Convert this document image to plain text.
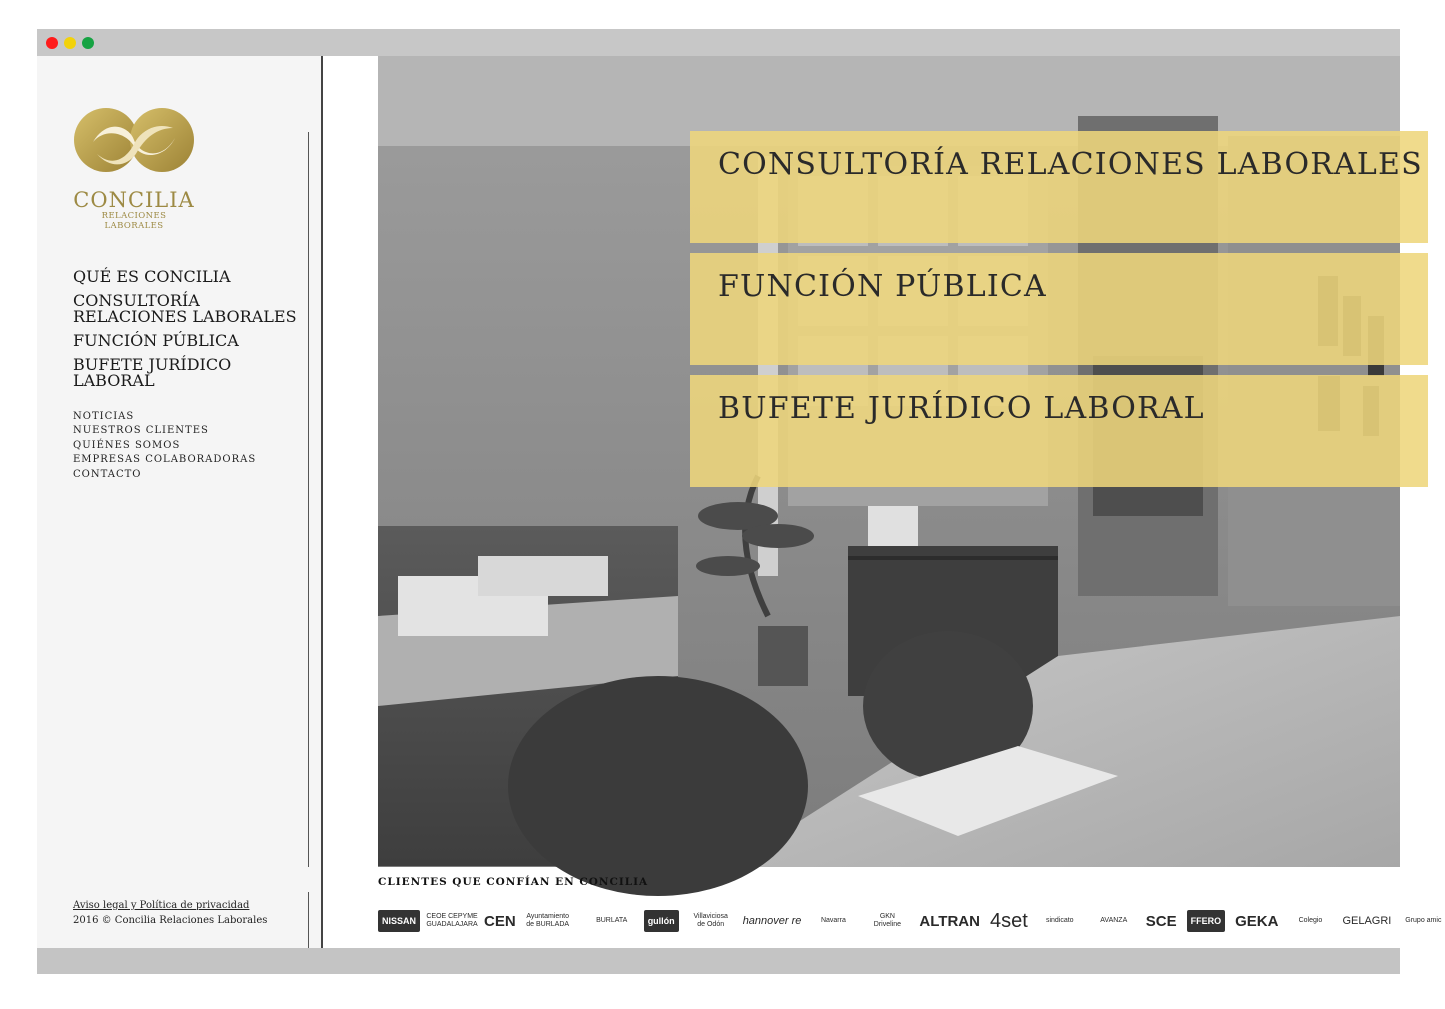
CONCILIA
RELACIONES LABORALES
QUÉ ES CONCILIA
CONSULTORÍA RELACIONES LABORALES
FUNCIÓN PÚBLICA
BUFETE JURÍDICO LABORAL
NOTICIAS
NUESTROS CLIENTES
QUIÉNES SOMOS
EMPRESAS COLABORADORAS
CONTACTO
Aviso legal y Política de privacidad
2016 © Concilia Relaciones Laborales
CONSULTORÍA RELACIONES LABORALES
FUNCIÓN PÚBLICA
BUFETE JURÍDICO LABORAL
CLIENTES QUE CONFÍAN EN CONCILIA
NISSAN	CEOE CEPYME GUADALAJARA CEN Ayuntamiento de BURLADA
BURLATA	gullón	Villaviciosa de Odón	hannover re	Navarra
GKN Driveline	ALTRAN 4set	sindicato	AVANZA	SCE	FFERO GEKA	Colegio	GELAGRI	Grupo amic
